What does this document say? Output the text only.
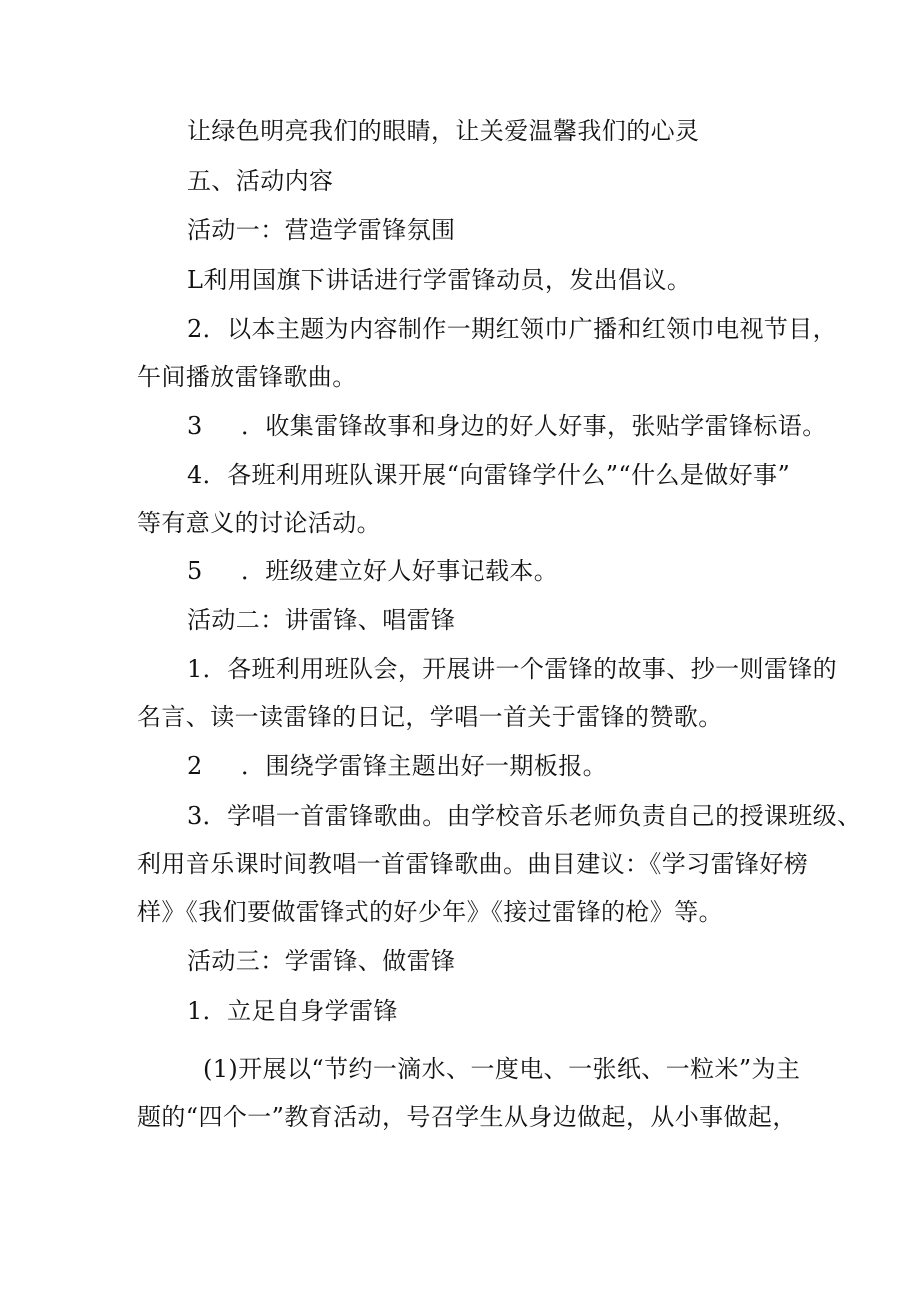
让绿色明亮我们的眼睛，让关爱温馨我们的心灵
五、活动内容
活动一：营造学雷锋氛围
L利用国旗下讲话进行学雷锋动员，发出倡议。
2．以本主题为内容制作一期红领巾广播和红领巾电视节目，
午间播放雷锋歌曲。
3 ．收集雷锋故事和身边的好人好事，张贴学雷锋标语。
4．各班利用班队课开展“向雷锋学什么”“什么是做好事”
等有意义的讨论活动。
5 ．班级建立好人好事记载本。
活动二：讲雷锋、唱雷锋
1．各班利用班队会，开展讲一个雷锋的故事、抄一则雷锋的
名言、读一读雷锋的日记，学唱一首关于雷锋的赞歌。
2 ．围绕学雷锋主题出好一期板报。
3．学唱一首雷锋歌曲。由学校音乐老师负责自己的授课班级、
利用音乐课时间教唱一首雷锋歌曲。曲目建议：《学习雷锋好榜
样》《我们要做雷锋式的好少年》《接过雷锋的枪》等。
活动三：学雷锋、做雷锋
1．立足自身学雷锋
(1)开展以“节约一滴水、一度电、一张纸、一粒米”为主
题的“四个一”教育活动，号召学生从身边做起，从小事做起，
